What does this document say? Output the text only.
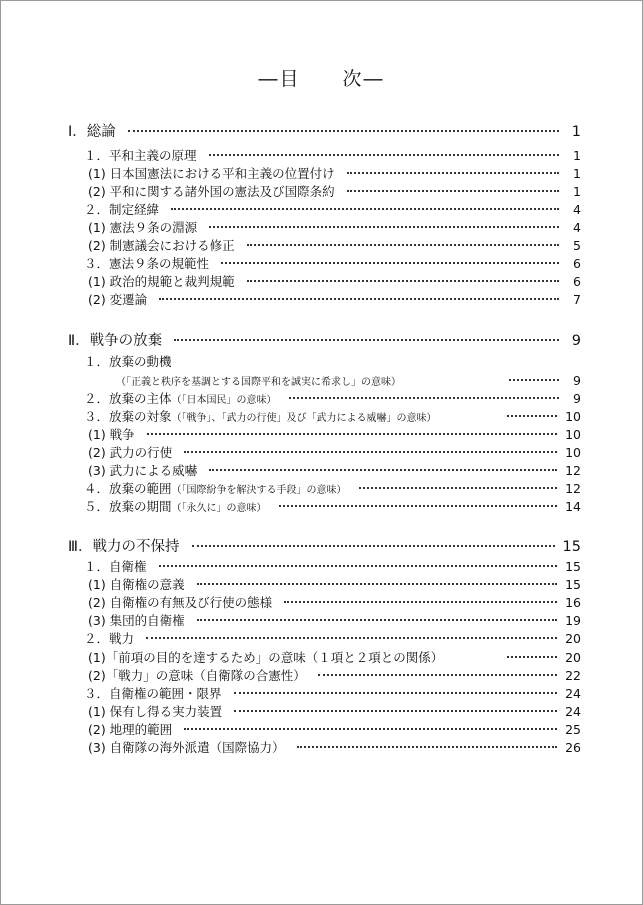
―目　　次―
Ⅰ．総論	1
１．平和主義の原理	1
(1) 日本国憲法における平和主義の位置付け	1
(2) 平和に関する諸外国の憲法及び国際条約	1
２．制定経緯	4
(1) 憲法９条の淵源	4
(2) 制憲議会における修正	5
３．憲法９条の規範性	6
(1) 政治的規範と裁判規範	6
(2) 変遷論	7
Ⅱ．戦争の放棄	9
１．放棄の動機
（「正義と秩序を基調とする国際平和を誠実に希求し」の意味）	9
２．放棄の主体（「日本国民」の意味）	9
３．放棄の対象（「戦争」、「武力の行使」及び「武力による威嚇」の意味）	10
(1) 戦争	10
(2) 武力の行使	10
(3) 武力による威嚇	12
４．放棄の範囲（「国際紛争を解決する手段」の意味）	12
５．放棄の期間（「永久に」の意味）	14
Ⅲ．戦力の不保持	15
１．自衛権	15
(1) 自衛権の意義	15
(2) 自衛権の有無及び行使の態様	16
(3) 集団的自衛権	19
２．戦力	20
(1)「前項の目的を達するため」の意味（１項と２項との関係）	20
(2)「戦力」の意味（自衛隊の合憲性）	22
３．自衛権の範囲・限界	24
(1) 保有し得る実力装置	24
(2) 地理的範囲	25
(3) 自衛隊の海外派遣（国際協力）	26
